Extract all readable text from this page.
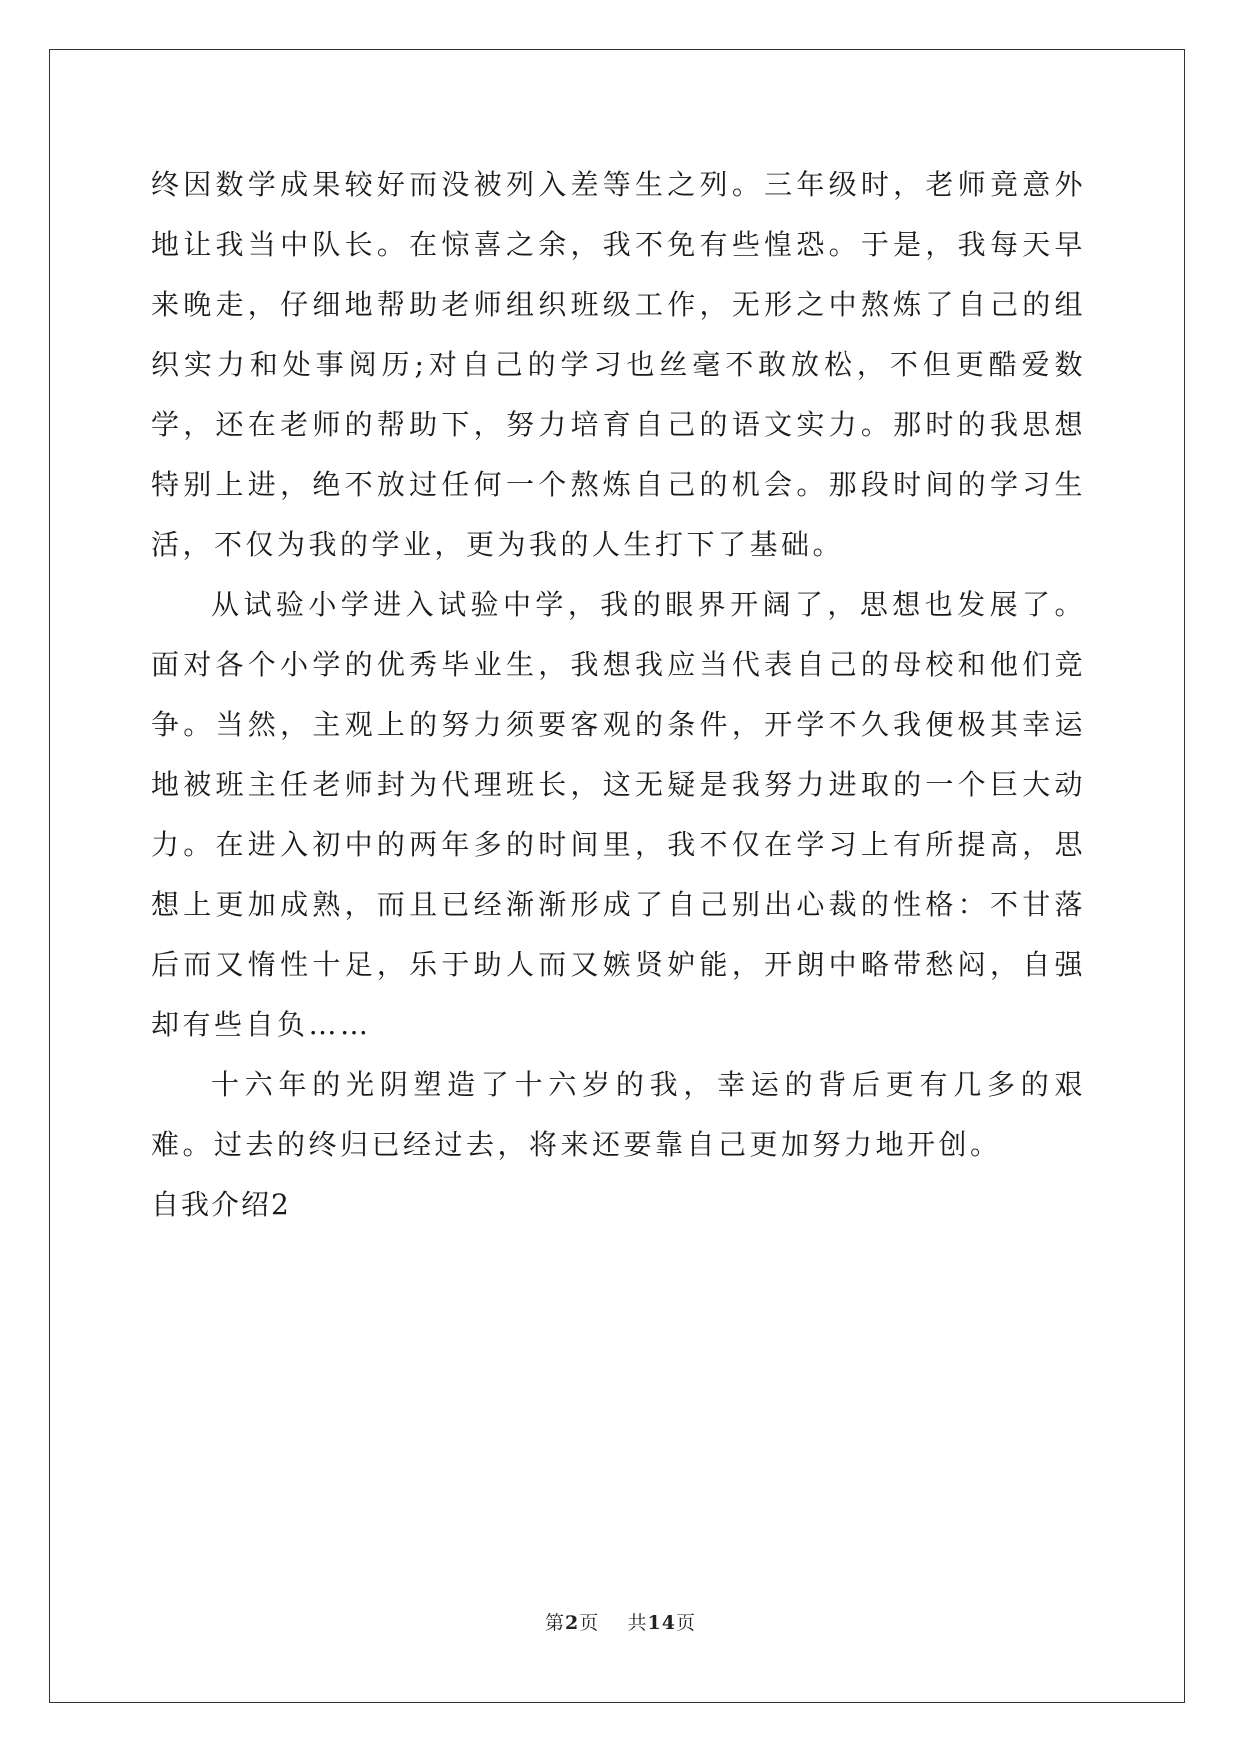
终因数学成果较好而没被列入差等生之列。三年级时，老师竟意外地让我当中队长。在惊喜之余，我不免有些惶恐。于是，我每天早来晚走，仔细地帮助老师组织班级工作，无形之中熬炼了自己的组织实力和处事阅历;对自己的学习也丝毫不敢放松，不但更酷爱数学，还在老师的帮助下，努力培育自己的语文实力。那时的我思想特别上进，绝不放过任何一个熬炼自己的机会。那段时间的学习生活，不仅为我的学业，更为我的人生打下了基础。

从试验小学进入试验中学，我的眼界开阔了，思想也发展了。面对各个小学的优秀毕业生，我想我应当代表自己的母校和他们竞争。当然，主观上的努力须要客观的条件，开学不久我便极其幸运地被班主任老师封为代理班长，这无疑是我努力进取的一个巨大动力。在进入初中的两年多的时间里，我不仅在学习上有所提高，思想上更加成熟，而且已经渐渐形成了自己别出心裁的性格：不甘落后而又惰性十足，乐于助人而又嫉贤妒能，开朗中略带愁闷，自强却有些自负……

十六年的光阴塑造了十六岁的我，幸运的背后更有几多的艰难。过去的终归已经过去，将来还要靠自己更加努力地开创。

自我介绍2

第2页 共14页
